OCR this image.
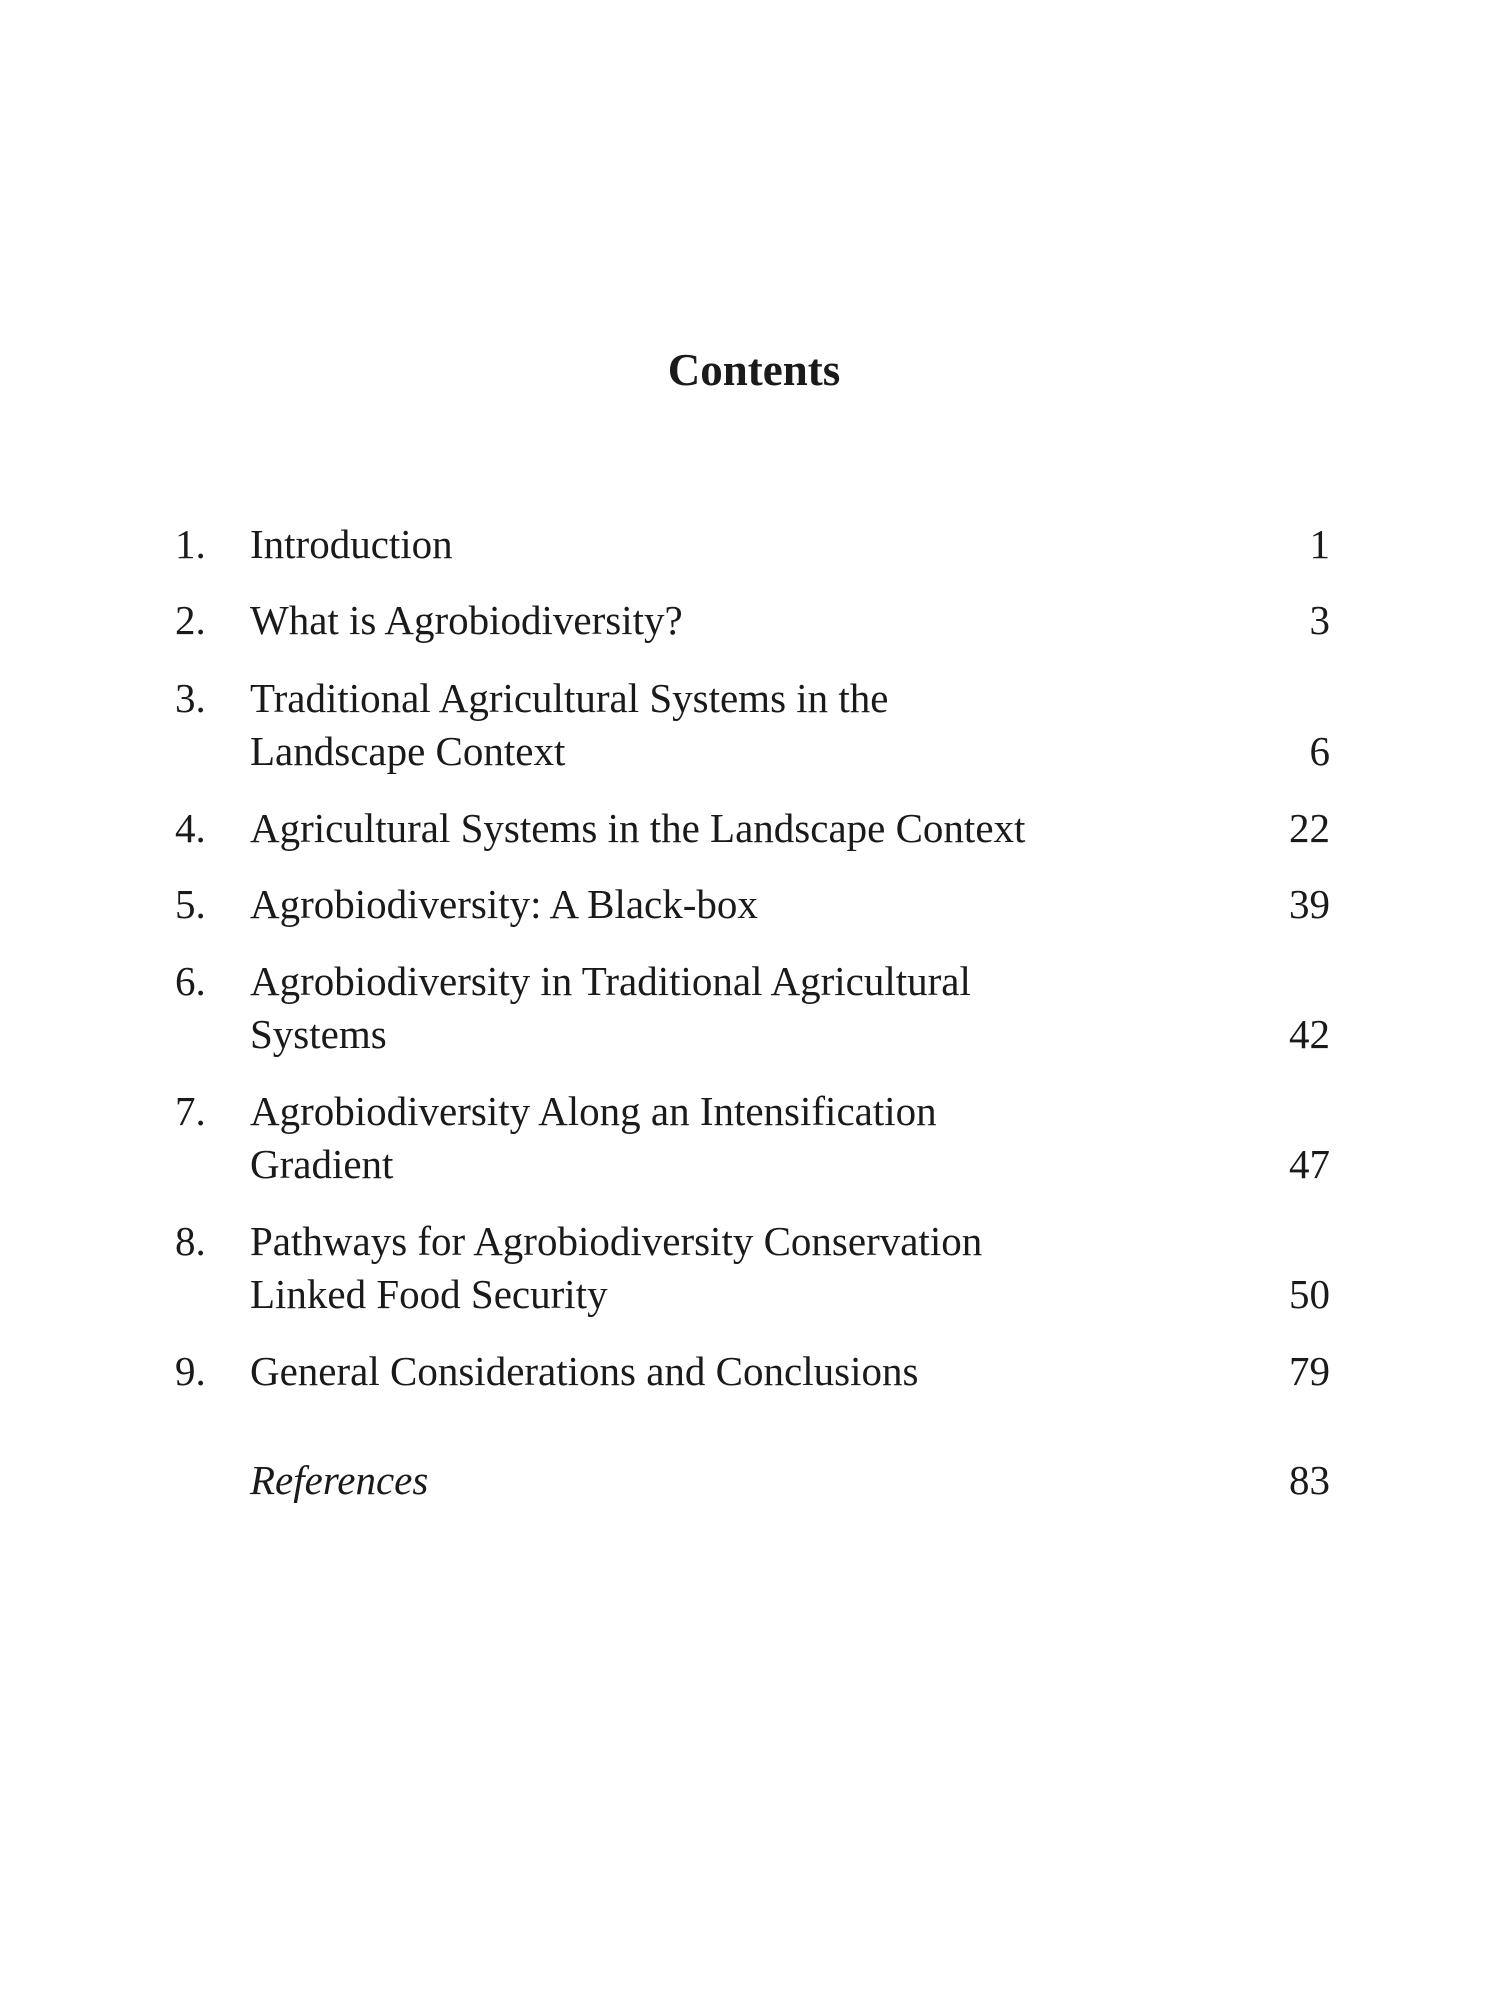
Contents
1.	Introduction	1
2.	What is Agrobiodiversity?	3
3.	Traditional Agricultural Systems in the
Landscape Context	6
4.	Agricultural Systems in the Landscape Context	22
5.	Agrobiodiversity: A Black-box	39
6.	Agrobiodiversity in Traditional Agricultural
Systems	42
7.	Agrobiodiversity Along an Intensification
Gradient	47
8.	Pathways for Agrobiodiversity Conservation
Linked Food Security	50
9.	General Considerations and Conclusions	79
References	83
